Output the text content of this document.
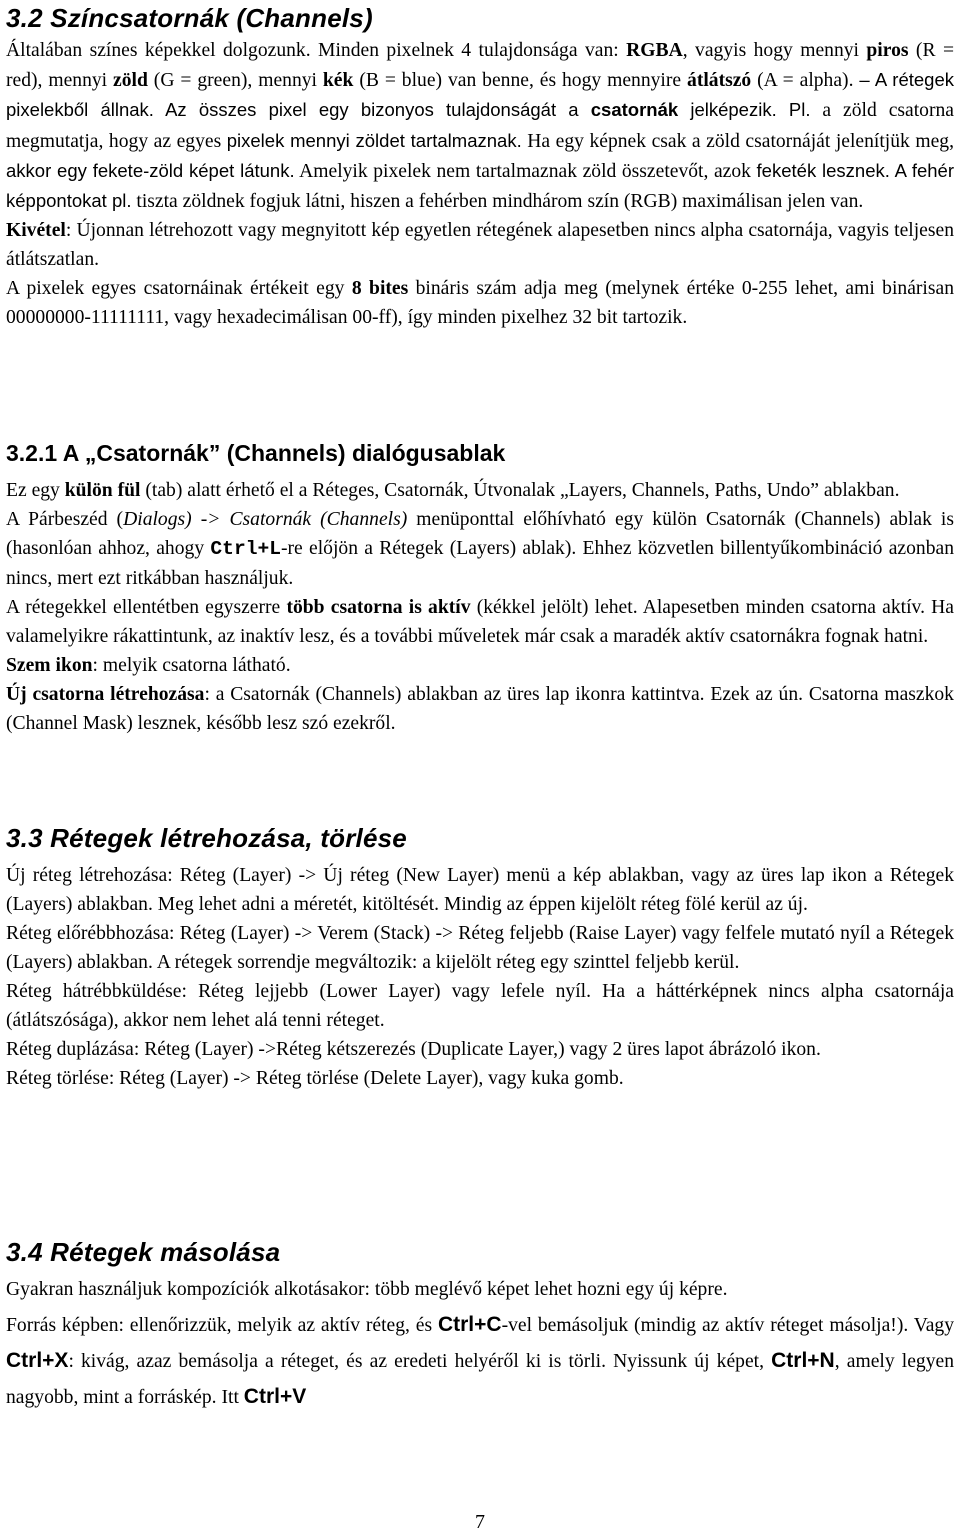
3.2 Színcsatornák (Channels)

Általában színes képekkel dolgozunk. Minden pixelnek 4 tulajdonsága van: RGBA, vagyis hogy mennyi piros (R = red), mennyi zöld (G = green), mennyi kék (B = blue) van benne, és hogy mennyire átlátszó (A = alpha). – A rétegek pixelekből állnak. Az összes pixel egy bizonyos tulajdonságát a csatornák jelképezik. Pl. a zöld csatorna megmutatja, hogy az egyes pixelek mennyi zöldet tartalmaznak. Ha egy képnek csak a zöld csatornáját jelenítjük meg, akkor egy fekete-zöld képet látunk. Amelyik pixelek nem tartalmaznak zöld összetevőt, azok feketék lesznek. A fehér képpontokat pl. tiszta zöldnek fogjuk látni, hiszen a fehérben mindhárom szín (RGB) maximálisan jelen van.

Kivétel: Újonnan létrehozott vagy megnyitott kép egyetlen rétegének alapesetben nincs alpha csatornája, vagyis teljesen átlátszatlan.

A pixelek egyes csatornáinak értékeit egy 8 bites bináris szám adja meg (melynek értéke 0-255 lehet, ami binárisan 00000000-11111111, vagy hexadecimálisan 00-ff), így minden pixelhez 32 bit tartozik.

3.2.1 A „Csatornák” (Channels) dialógusablak

Ez egy külön fül (tab) alatt érhető el a Réteges, Csatornák, Útvonalak „Layers, Channels, Paths, Undo” ablakban.

A Párbeszéd (Dialogs) -> Csatornák (Channels) menüponttal előhívható egy külön Csatornák (Channels) ablak is (hasonlóan ahhoz, ahogy Ctrl+L-re előjön a Rétegek (Layers) ablak). Ehhez közvetlen billentyűkombináció azonban nincs, mert ezt ritkábban használjuk.

A rétegekkel ellentétben egyszerre több csatorna is aktív (kékkel jelölt) lehet. Alapesetben minden csatorna aktív. Ha valamelyikre rákattintunk, az inaktív lesz, és a további műveletek már csak a maradék aktív csatornákra fognak hatni.

Szem ikon: melyik csatorna látható.

Új csatorna létrehozása: a Csatornák (Channels) ablakban az üres lap ikonra kattintva. Ezek az ún. Csatorna maszkok (Channel Mask) lesznek, később lesz szó ezekről.

3.3 Rétegek létrehozása, törlése

Új réteg létrehozása: Réteg (Layer) -> Új réteg (New Layer) menü a kép ablakban, vagy az üres lap ikon a Rétegek (Layers) ablakban. Meg lehet adni a méretét, kitöltését. Mindig az éppen kijelölt réteg fölé kerül az új.

Réteg előrébbhozása: Réteg (Layer) -> Verem (Stack) -> Réteg feljebb (Raise Layer) vagy felfele mutató nyíl a Rétegek (Layers) ablakban. A rétegek sorrendje megváltozik: a kijelölt réteg egy szinttel feljebb kerül.

Réteg hátrébbküldése: Réteg lejjebb (Lower Layer) vagy lefele nyíl. Ha a háttérképnek nincs alpha csatornája (átlátszósága), akkor nem lehet alá tenni réteget.

Réteg duplázása: Réteg (Layer) ->Réteg kétszerezés (Duplicate Layer,) vagy 2 üres lapot ábrázoló ikon.

Réteg törlése: Réteg (Layer) -> Réteg törlése (Delete Layer), vagy kuka gomb.

3.4 Rétegek másolása

Gyakran használjuk kompozíciók alkotásakor: több meglévő képet lehet hozni egy új képre.

Forrás képben: ellenőrizzük, melyik az aktív réteg, és Ctrl+C-vel bemásoljuk (mindig az aktív réteget másolja!). Vagy Ctrl+X: kivág, azaz bemásolja a réteget, és az eredeti helyéről ki is törli. Nyissunk új képet, Ctrl+N, amely legyen nagyobb, mint a forráskép. Itt Ctrl+V

7
